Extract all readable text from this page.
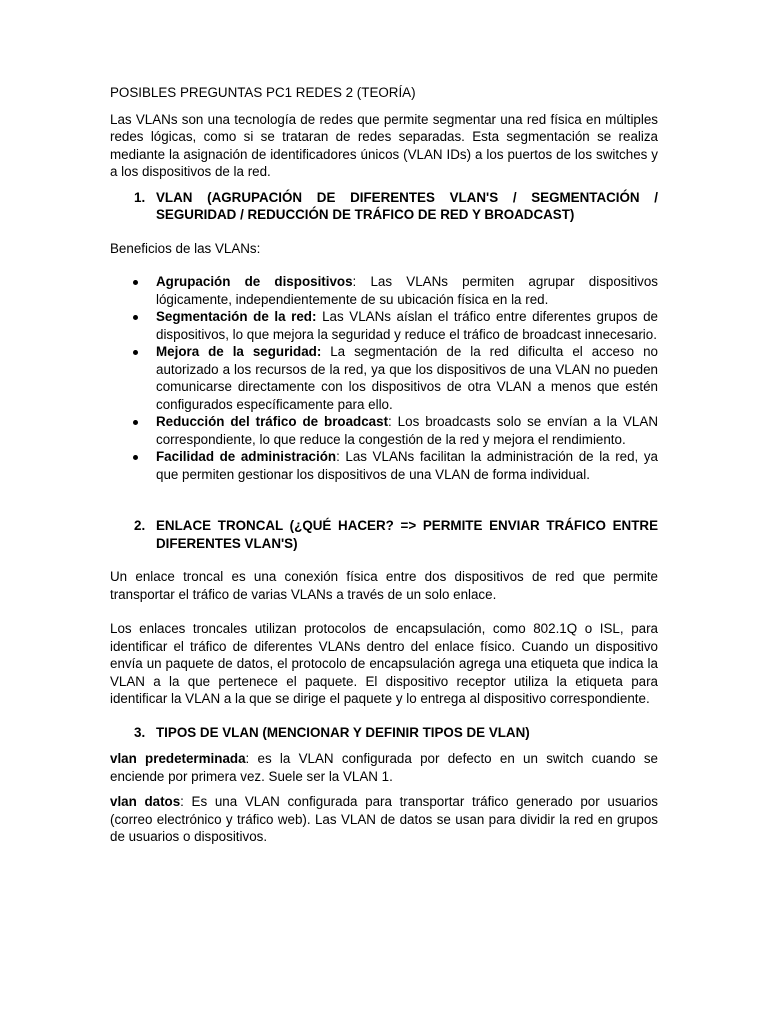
POSIBLES PREGUNTAS PC1 REDES 2 (TEORÍA)

Las VLANs son una tecnología de redes que permite segmentar una red física en múltiples redes lógicas, como si se trataran de redes separadas. Esta segmentación se realiza mediante la asignación de identificadores únicos (VLAN IDs) a los puertos de los switches y a los dispositivos de la red.

1. VLAN (AGRUPACIÓN DE DIFERENTES VLAN'S / SEGMENTACIÓN / SEGURIDAD / REDUCCIÓN DE TRÁFICO DE RED Y BROADCAST)

Beneficios de las VLANs:

Agrupación de dispositivos: Las VLANs permiten agrupar dispositivos lógicamente, independientemente de su ubicación física en la red.
Segmentación de la red: Las VLANs aíslan el tráfico entre diferentes grupos de dispositivos, lo que mejora la seguridad y reduce el tráfico de broadcast innecesario.
Mejora de la seguridad: La segmentación de la red dificulta el acceso no autorizado a los recursos de la red, ya que los dispositivos de una VLAN no pueden comunicarse directamente con los dispositivos de otra VLAN a menos que estén configurados específicamente para ello.
Reducción del tráfico de broadcast: Los broadcasts solo se envían a la VLAN correspondiente, lo que reduce la congestión de la red y mejora el rendimiento.
Facilidad de administración: Las VLANs facilitan la administración de la red, ya que permiten gestionar los dispositivos de una VLAN de forma individual.
2. ENLACE TRONCAL (¿QUÉ HACER? => PERMITE ENVIAR TRÁFICO ENTRE DIFERENTES VLAN'S)

Un enlace troncal es una conexión física entre dos dispositivos de red que permite transportar el tráfico de varias VLANs a través de un solo enlace.

Los enlaces troncales utilizan protocolos de encapsulación, como 802.1Q o ISL, para identificar el tráfico de diferentes VLANs dentro del enlace físico. Cuando un dispositivo envía un paquete de datos, el protocolo de encapsulación agrega una etiqueta que indica la VLAN a la que pertenece el paquete. El dispositivo receptor utiliza la etiqueta para identificar la VLAN a la que se dirige el paquete y lo entrega al dispositivo correspondiente.

3. TIPOS DE VLAN (MENCIONAR Y DEFINIR TIPOS DE VLAN)

vlan predeterminada: es la VLAN configurada por defecto en un switch cuando se enciende por primera vez. Suele ser la VLAN 1.

vlan datos: Es una VLAN configurada para transportar tráfico generado por usuarios (correo electrónico y tráfico web). Las VLAN de datos se usan para dividir la red en grupos de usuarios o dispositivos.
